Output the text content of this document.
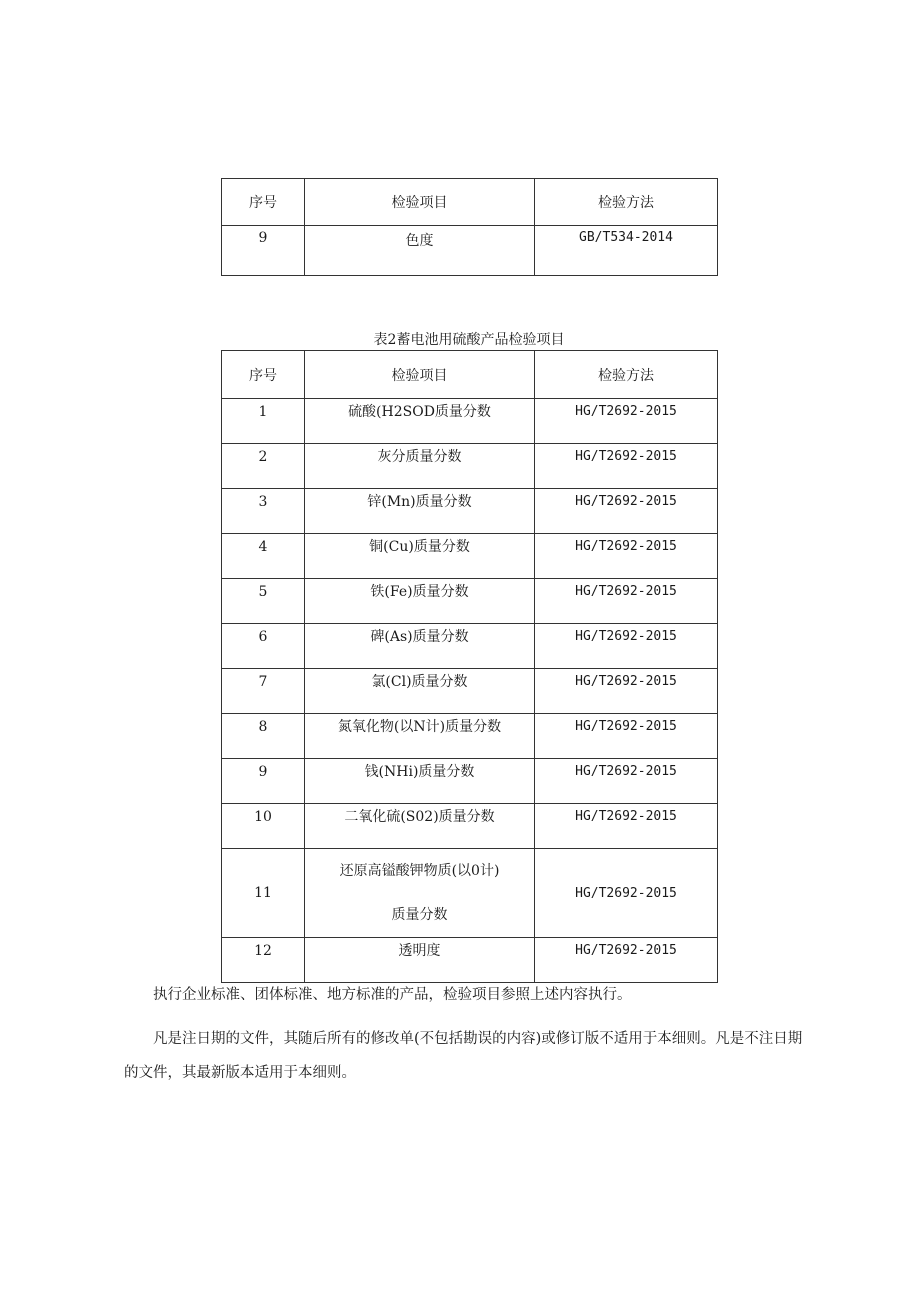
序号	检验项目	检验方法
9	色度	GB/T534-2014
表2蓄电池用硫酸产品检验项目
序号	检验项目	检验方法
1	硫酸(H2SOD质量分数	HG/T2692-2015
2	灰分质量分数	HG/T2692-2015
3	锌(Mn)质量分数	HG/T2692-2015
4	铜(Cu)质量分数	HG/T2692-2015
5	铁(Fe)质量分数	HG/T2692-2015
6	碑(As)质量分数	HG/T2692-2015
7	氯(Cl)质量分数	HG/T2692-2015
8	氮氧化物(以N计)质量分数	HG/T2692-2015
9	钱(NHi)质量分数	HG/T2692-2015
10	二氧化硫(S02)质量分数	HG/T2692-2015
11	还原高镒酸钾物质(以0计)
质量分数	HG/T2692-2015
12	透明度	HG/T2692-2015

执行企业标准、团体标准、地方标准的产品，检验项目参照上述内容执行。

凡是注日期的文件，其随后所有的修改单(不包括勘误的内容)或修订版不适用于本细则。凡是不注日期的文件，其最新版本适用于本细则。
